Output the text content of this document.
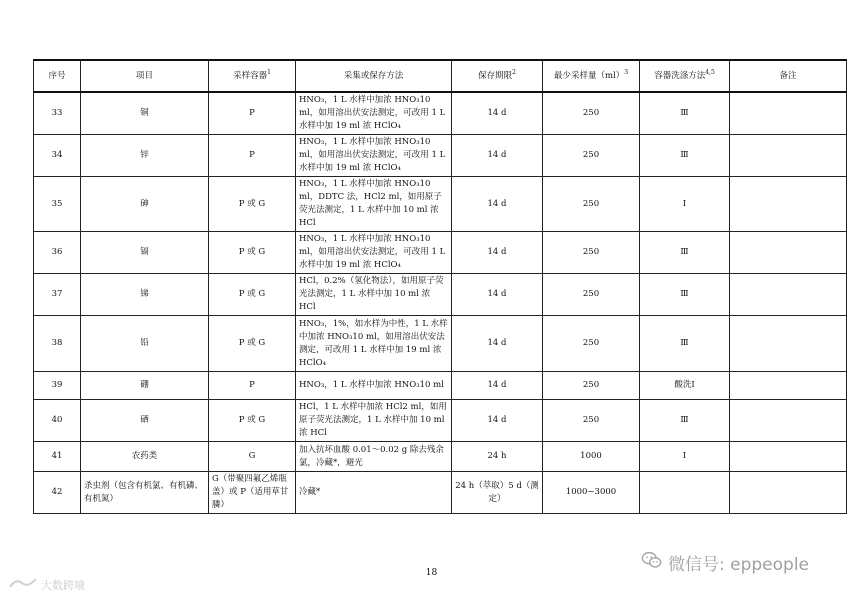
序号	项目	采样容器$^1$	采集或保存方法	保存期限$^2$	最少采样量（ml）$^3$	容器洗涤方法$^{4,5}$	备注
33	铜	P	HNO₃，1 L 水样中加浓 HNO₃10 ml，如用溶出伏安法测定，可改用 1 L 水样中加 19 ml 浓 HClO₄	14 d	250	Ⅲ	
34	锌	P	HNO₃，1 L 水样中加浓 HNO₃10 ml，如用溶出伏安法测定，可改用 1 L 水样中加 19 ml 浓 HClO₄	14 d	250	Ⅲ	
35	砷	P 或 G	HNO₃，1 L 水样中加浓 HNO₃10 ml，DDTC 法，HCl2 ml，如用原子荧光法测定，1 L 水样中加 10 ml 浓 HCl	14 d	250	Ⅰ	
36	镉	P 或 G	HNO₃，1 L 水样中加浓 HNO₃10 ml，如用溶出伏安法测定，可改用 1 L 水样中加 19 ml 浓 HClO₄	14 d	250	Ⅲ	
37	锑	P 或 G	HCl，0.2%（氢化物法），如用原子荧光法测定，1 L 水样中加 10 ml 浓 HCl	14 d	250	Ⅲ	
38	铅	P 或 G	HNO₃，1%，如水样为中性，1 L 水样中加浓 HNO₃10 ml，如用溶出伏安法测定，可改用 1 L 水样中加 19 ml 浓 HClO₄	14 d	250	Ⅲ	
39	硼	P	HNO₃，1 L 水样中加浓 HNO₃10 ml	14 d	250	酸洗Ⅰ	
40	硒	P 或 G	HCl，1 L 水样中加浓 HCl2 ml，如用原子荧光法测定，1 L 水样中加 10 ml 浓 HCl	14 d	250	Ⅲ	
41	农药类	G	加入抗坏血酸 0.01～0.02 g 除去残余氯，冷藏*，避光	24 h	1000	Ⅰ	
42	杀虫剂（包含有机氯、有机磷、有机氮）	G（带聚四氟乙烯瓶盖）或 P（适用草甘膦）	冷藏*	24 h（萃取）5 d（测定）	1000~3000		
18
大数跨境
微信号: eppeople
